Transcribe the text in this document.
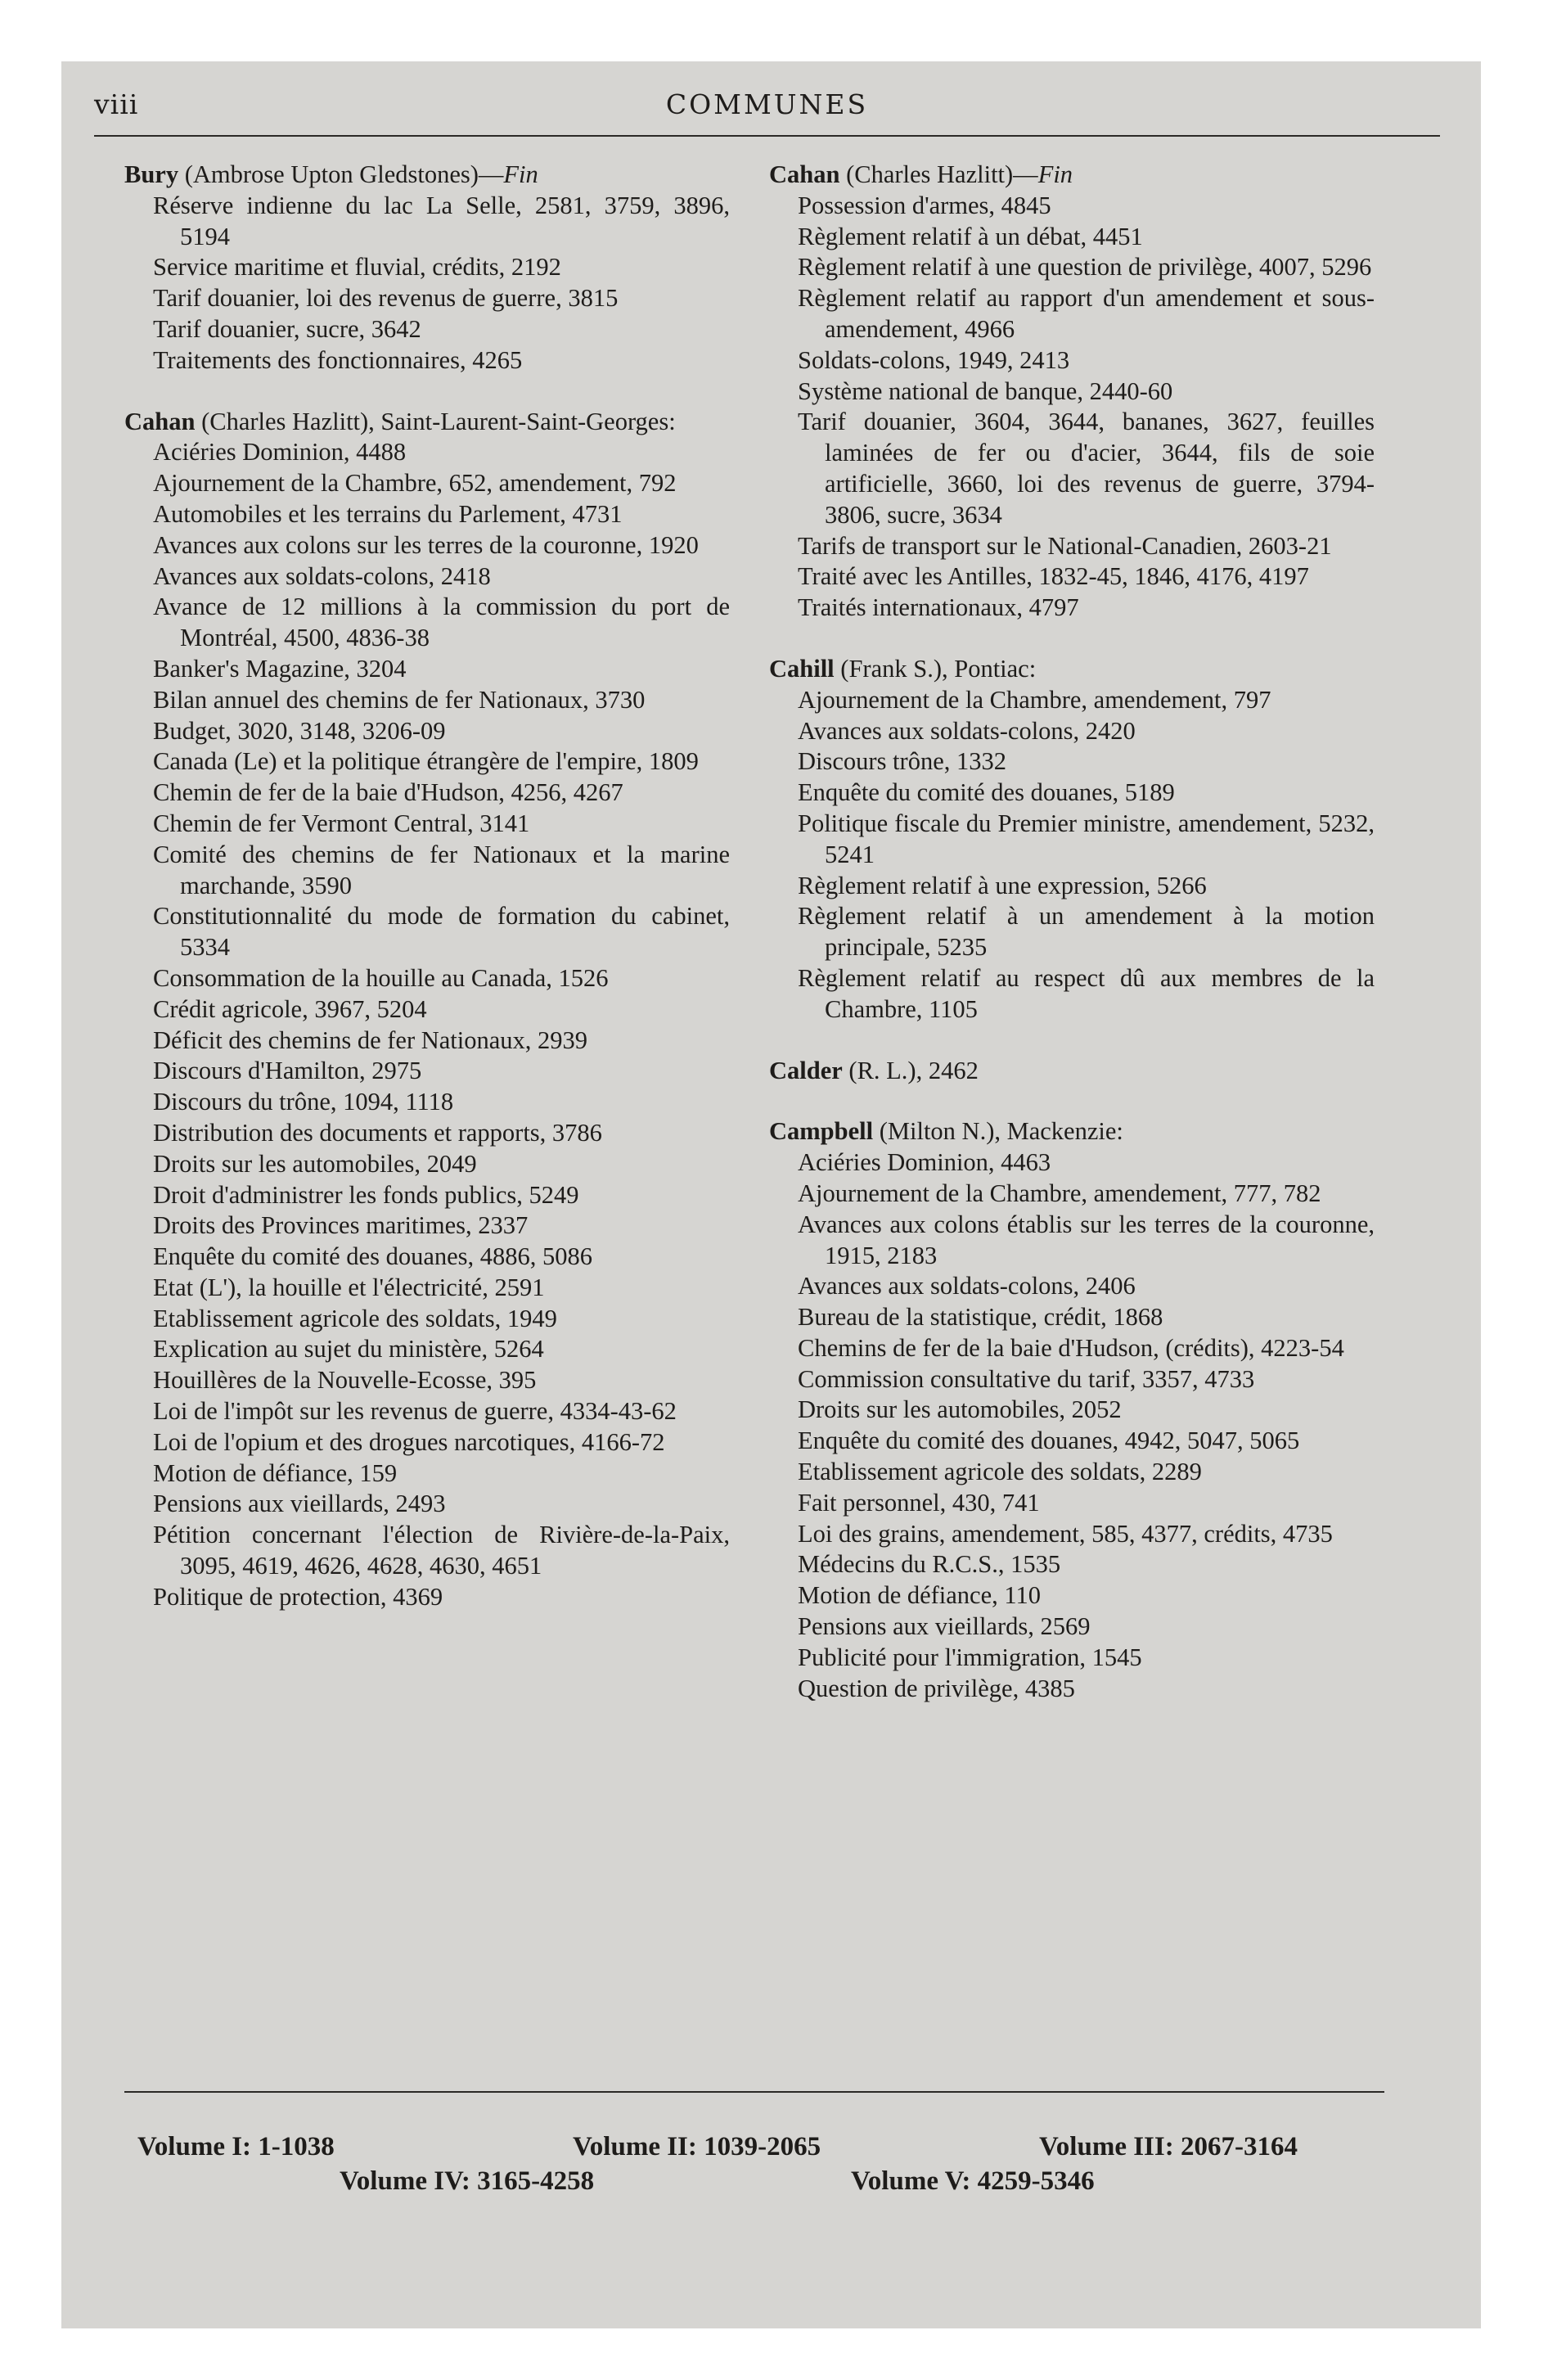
viii	COMMUNES
Bury (Ambrose Upton Gledstones)—Fin
Réserve indienne du lac La Selle, 2581, 3759, 3896, 5194
Service maritime et fluvial, crédits, 2192
Tarif douanier, loi des revenus de guerre, 3815
Tarif douanier, sucre, 3642
Traitements des fonctionnaires, 4265
Cahan (Charles Hazlitt), Saint-Laurent-Saint-Georges:
Aciéries Dominion, 4488
Ajournement de la Chambre, 652, amendement, 792
Automobiles et les terrains du Parlement, 4731
Avances aux colons sur les terres de la couronne, 1920
Avances aux soldats-colons, 2418
Avance de 12 millions à la commission du port de Montréal, 4500, 4836-38
Banker's Magazine, 3204
Bilan annuel des chemins de fer Nationaux, 3730
Budget, 3020, 3148, 3206-09
Canada (Le) et la politique étrangère de l'empire, 1809
Chemin de fer de la baie d'Hudson, 4256, 4267
Chemin de fer Vermont Central, 3141
Comité des chemins de fer Nationaux et la marine marchande, 3590
Constitutionnalité du mode de formation du cabinet, 5334
Consommation de la houille au Canada, 1526
Crédit agricole, 3967, 5204
Déficit des chemins de fer Nationaux, 2939
Discours d'Hamilton, 2975
Discours du trône, 1094, 1118
Distribution des documents et rapports, 3786
Droits sur les automobiles, 2049
Droit d'administrer les fonds publics, 5249
Droits des Provinces maritimes, 2337
Enquête du comité des douanes, 4886, 5086
Etat (L'), la houille et l'électricité, 2591
Etablissement agricole des soldats, 1949
Explication au sujet du ministère, 5264
Houillères de la Nouvelle-Ecosse, 395
Loi de l'impôt sur les revenus de guerre, 4334-43-62
Loi de l'opium et des drogues narcotiques, 4166-72
Motion de défiance, 159
Pensions aux vieillards, 2493
Pétition concernant l'élection de Rivière-de-la-Paix, 3095, 4619, 4626, 4628, 4630, 4651
Politique de protection, 4369
Cahan (Charles Hazlitt)—Fin
Possession d'armes, 4845
Règlement relatif à un débat, 4451
Règlement relatif à une question de privilège, 4007, 5296
Règlement relatif au rapport d'un amendement et sous-amendement, 4966
Soldats-colons, 1949, 2413
Système national de banque, 2440-60
Tarif douanier, 3604, 3644, bananes, 3627, feuilles laminées de fer ou d'acier, 3644, fils de soie artificielle, 3660, loi des revenus de guerre, 3794-3806, sucre, 3634
Tarifs de transport sur le National-Canadien, 2603-21
Traité avec les Antilles, 1832-45, 1846, 4176, 4197
Traités internationaux, 4797
Cahill (Frank S.), Pontiac:
Ajournement de la Chambre, amendement, 797
Avances aux soldats-colons, 2420
Discours trône, 1332
Enquête du comité des douanes, 5189
Politique fiscale du Premier ministre, amendement, 5232, 5241
Règlement relatif à une expression, 5266
Règlement relatif à un amendement à la motion principale, 5235
Règlement relatif au respect dû aux membres de la Chambre, 1105
Calder (R. L.), 2462
Campbell (Milton N.), Mackenzie:
Aciéries Dominion, 4463
Ajournement de la Chambre, amendement, 777, 782
Avances aux colons établis sur les terres de la couronne, 1915, 2183
Avances aux soldats-colons, 2406
Bureau de la statistique, crédit, 1868
Chemins de fer de la baie d'Hudson, (crédits), 4223-54
Commission consultative du tarif, 3357, 4733
Droits sur les automobiles, 2052
Enquête du comité des douanes, 4942, 5047, 5065
Etablissement agricole des soldats, 2289
Fait personnel, 430, 741
Loi des grains, amendement, 585, 4377, crédits, 4735
Médecins du R.C.S., 1535
Motion de défiance, 110
Pensions aux vieillards, 2569
Publicité pour l'immigration, 1545
Question de privilège, 4385
Volume I: 1-1038	Volume II: 1039-2065	Volume III: 2067-3164
Volume IV: 3165-4258	Volume V: 4259-5346
